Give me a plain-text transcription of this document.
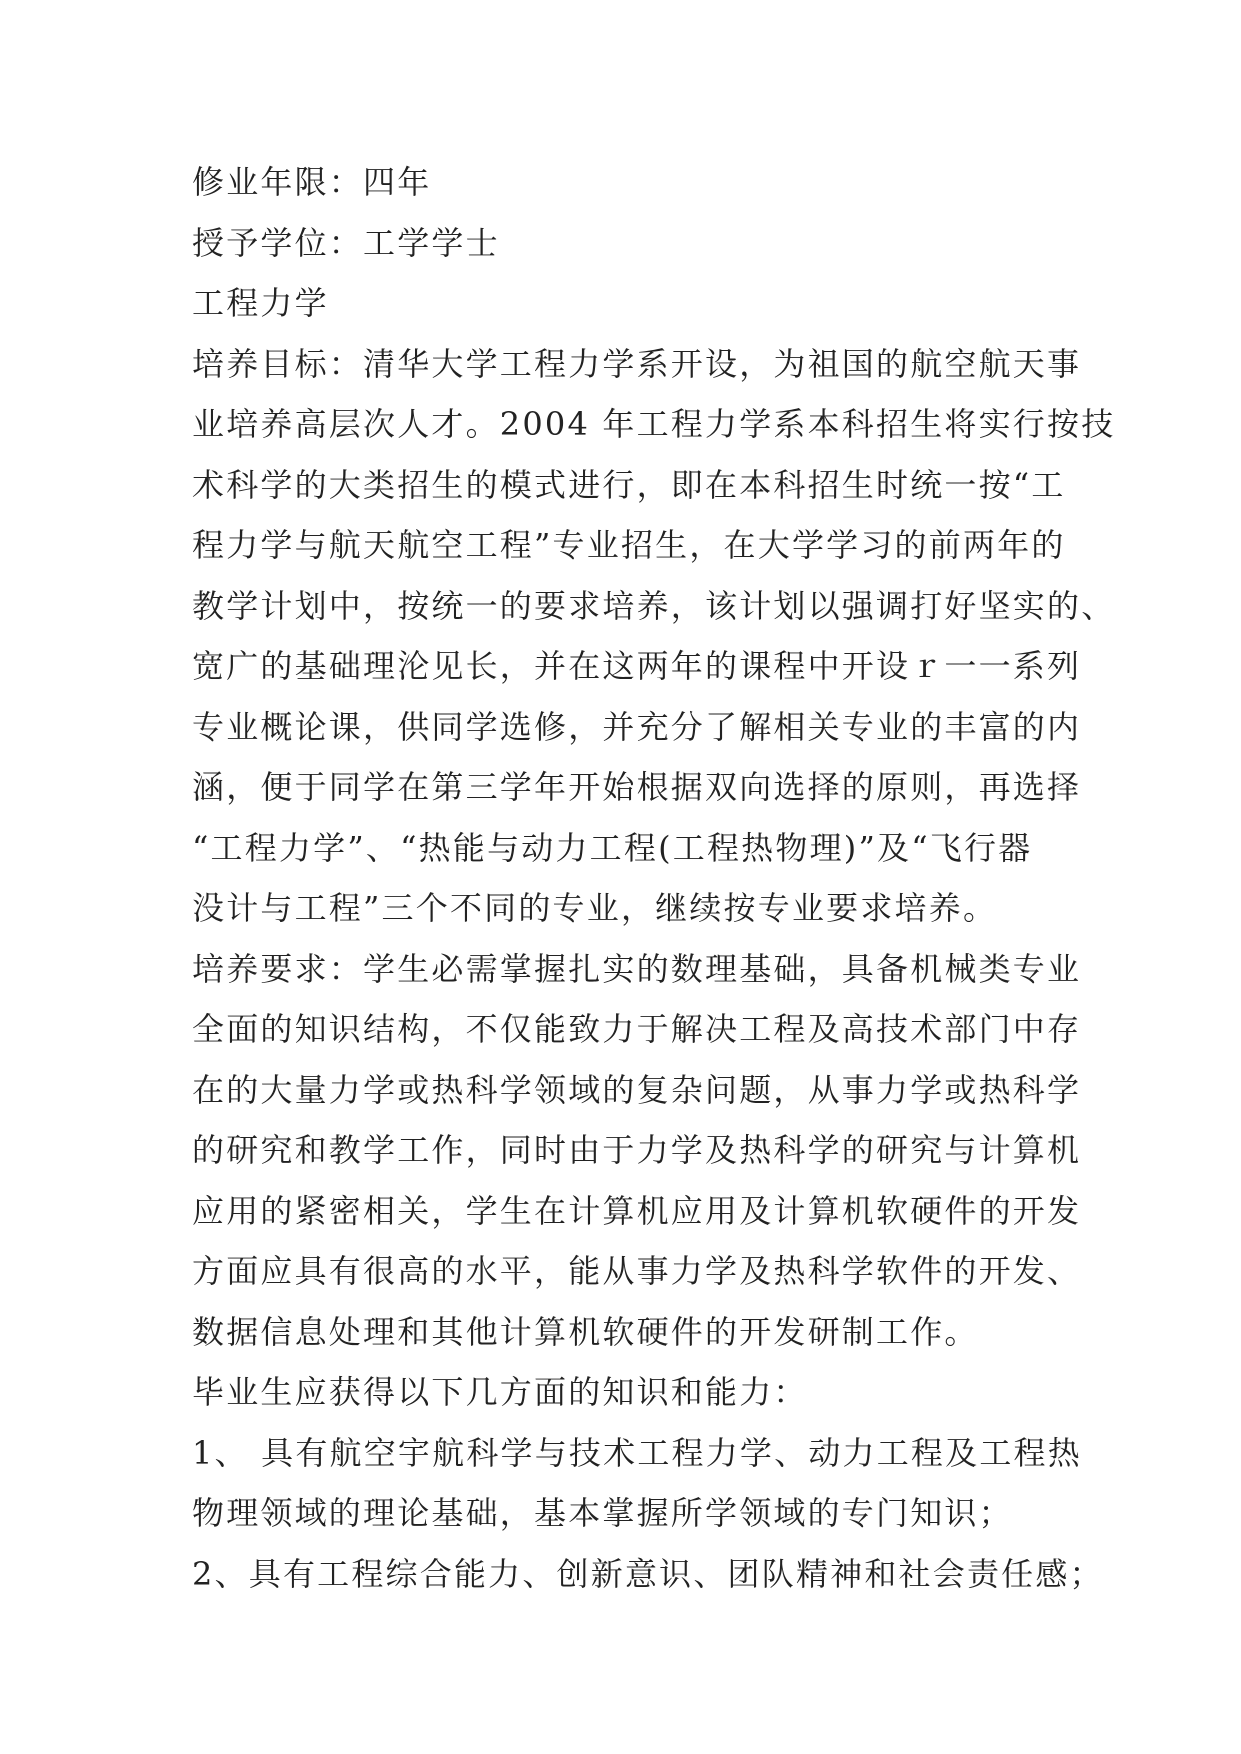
修业年限：四年
授予学位：工学学士
工程力学
培养目标：清华大学工程力学系开设，为祖国的航空航天事
业培养高层次人才。2004 年工程力学系本科招生将实行按技
术科学的大类招生的模式进行，即在本科招生时统一按“工
程力学与航天航空工程”专业招生，在大学学习的前两年的
教学计划中，按统一的要求培养，该计划以强调打好坚实的、
宽广的基础理沦见长，并在这两年的课程中开设ｒ一一系列
专业概论课，供同学选修，并充分了解相关专业的丰富的内
涵，便于同学在第三学年开始根据双向选择的原则，再选择
“工程力学”、“热能与动力工程(工程热物理)”及“飞行器
没计与工程”三个不同的专业，继续按专业要求培养。
培养要求：学生必需掌握扎实的数理基础，具备机械类专业
全面的知识结构，不仅能致力于解决工程及高技术部门中存
在的大量力学或热科学领域的复杂问题，从事力学或热科学
的研究和教学工作，同时由于力学及热科学的研究与计算机
应用的紧密相关，学生在计算机应用及计算机软硬件的开发
方面应具有很高的水平，能从事力学及热科学软件的开发、
数据信息处理和其他计算机软硬件的开发研制工作。
毕业生应获得以下几方面的知识和能力：
1、 具有航空宇航科学与技术工程力学、动力工程及工程热
物理领域的理论基础，基本掌握所学领域的专门知识；
2、具有工程综合能力、创新意识、团队精神和社会责任感；
